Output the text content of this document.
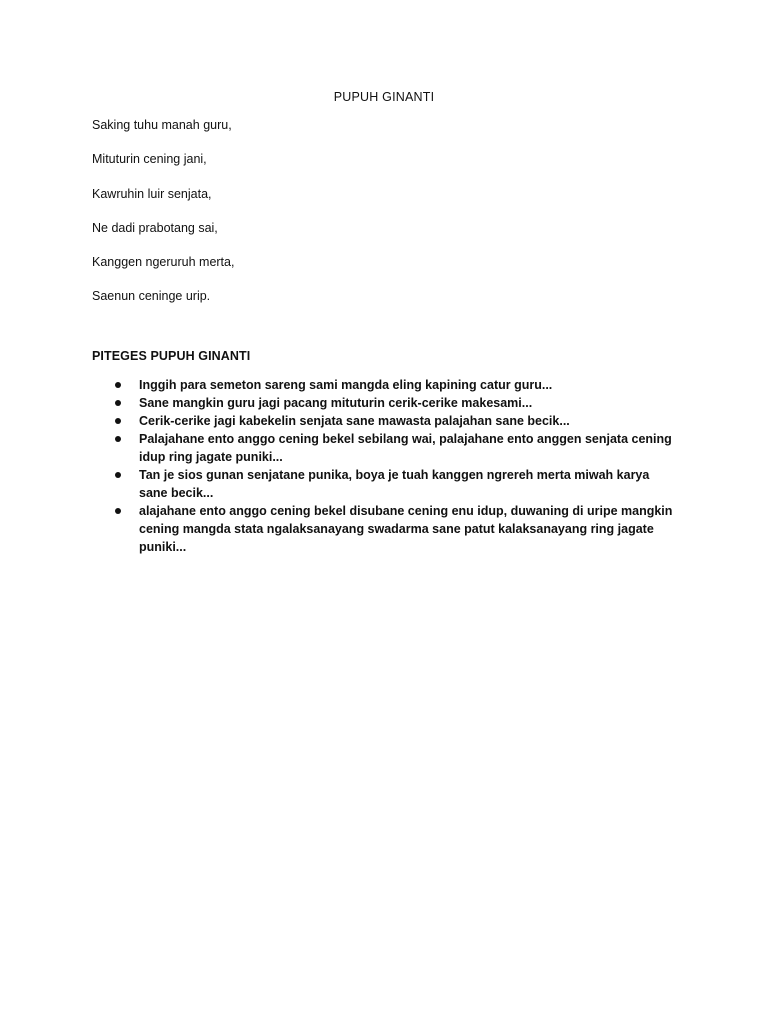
PUPUH GINANTI
Saking tuhu manah guru,
Mituturin cening jani,
Kawruhin luir senjata,
Ne dadi prabotang sai,
Kanggen ngeruruh merta,
Saenun ceninge urip.
PITEGES PUPUH GINANTI
Inggih para semeton sareng sami mangda eling kapining catur guru...
Sane mangkin guru jagi pacang mituturin cerik-cerike makesami...
Cerik-cerike jagi kabekelin senjata sane mawasta palajahan sane becik...
Palajahane ento anggo cening bekel sebilang wai, palajahane ento anggen senjata cening idup ring jagate puniki...
Tan je sios gunan senjatane punika, boya je tuah kanggen ngrereh merta miwah karya sane becik...
alajahane ento anggo cening bekel disubane cening enu idup, duwaning di uripe mangkin cening mangda stata ngalaksanayang swadarma sane patut kalaksanayang ring jagate puniki...
